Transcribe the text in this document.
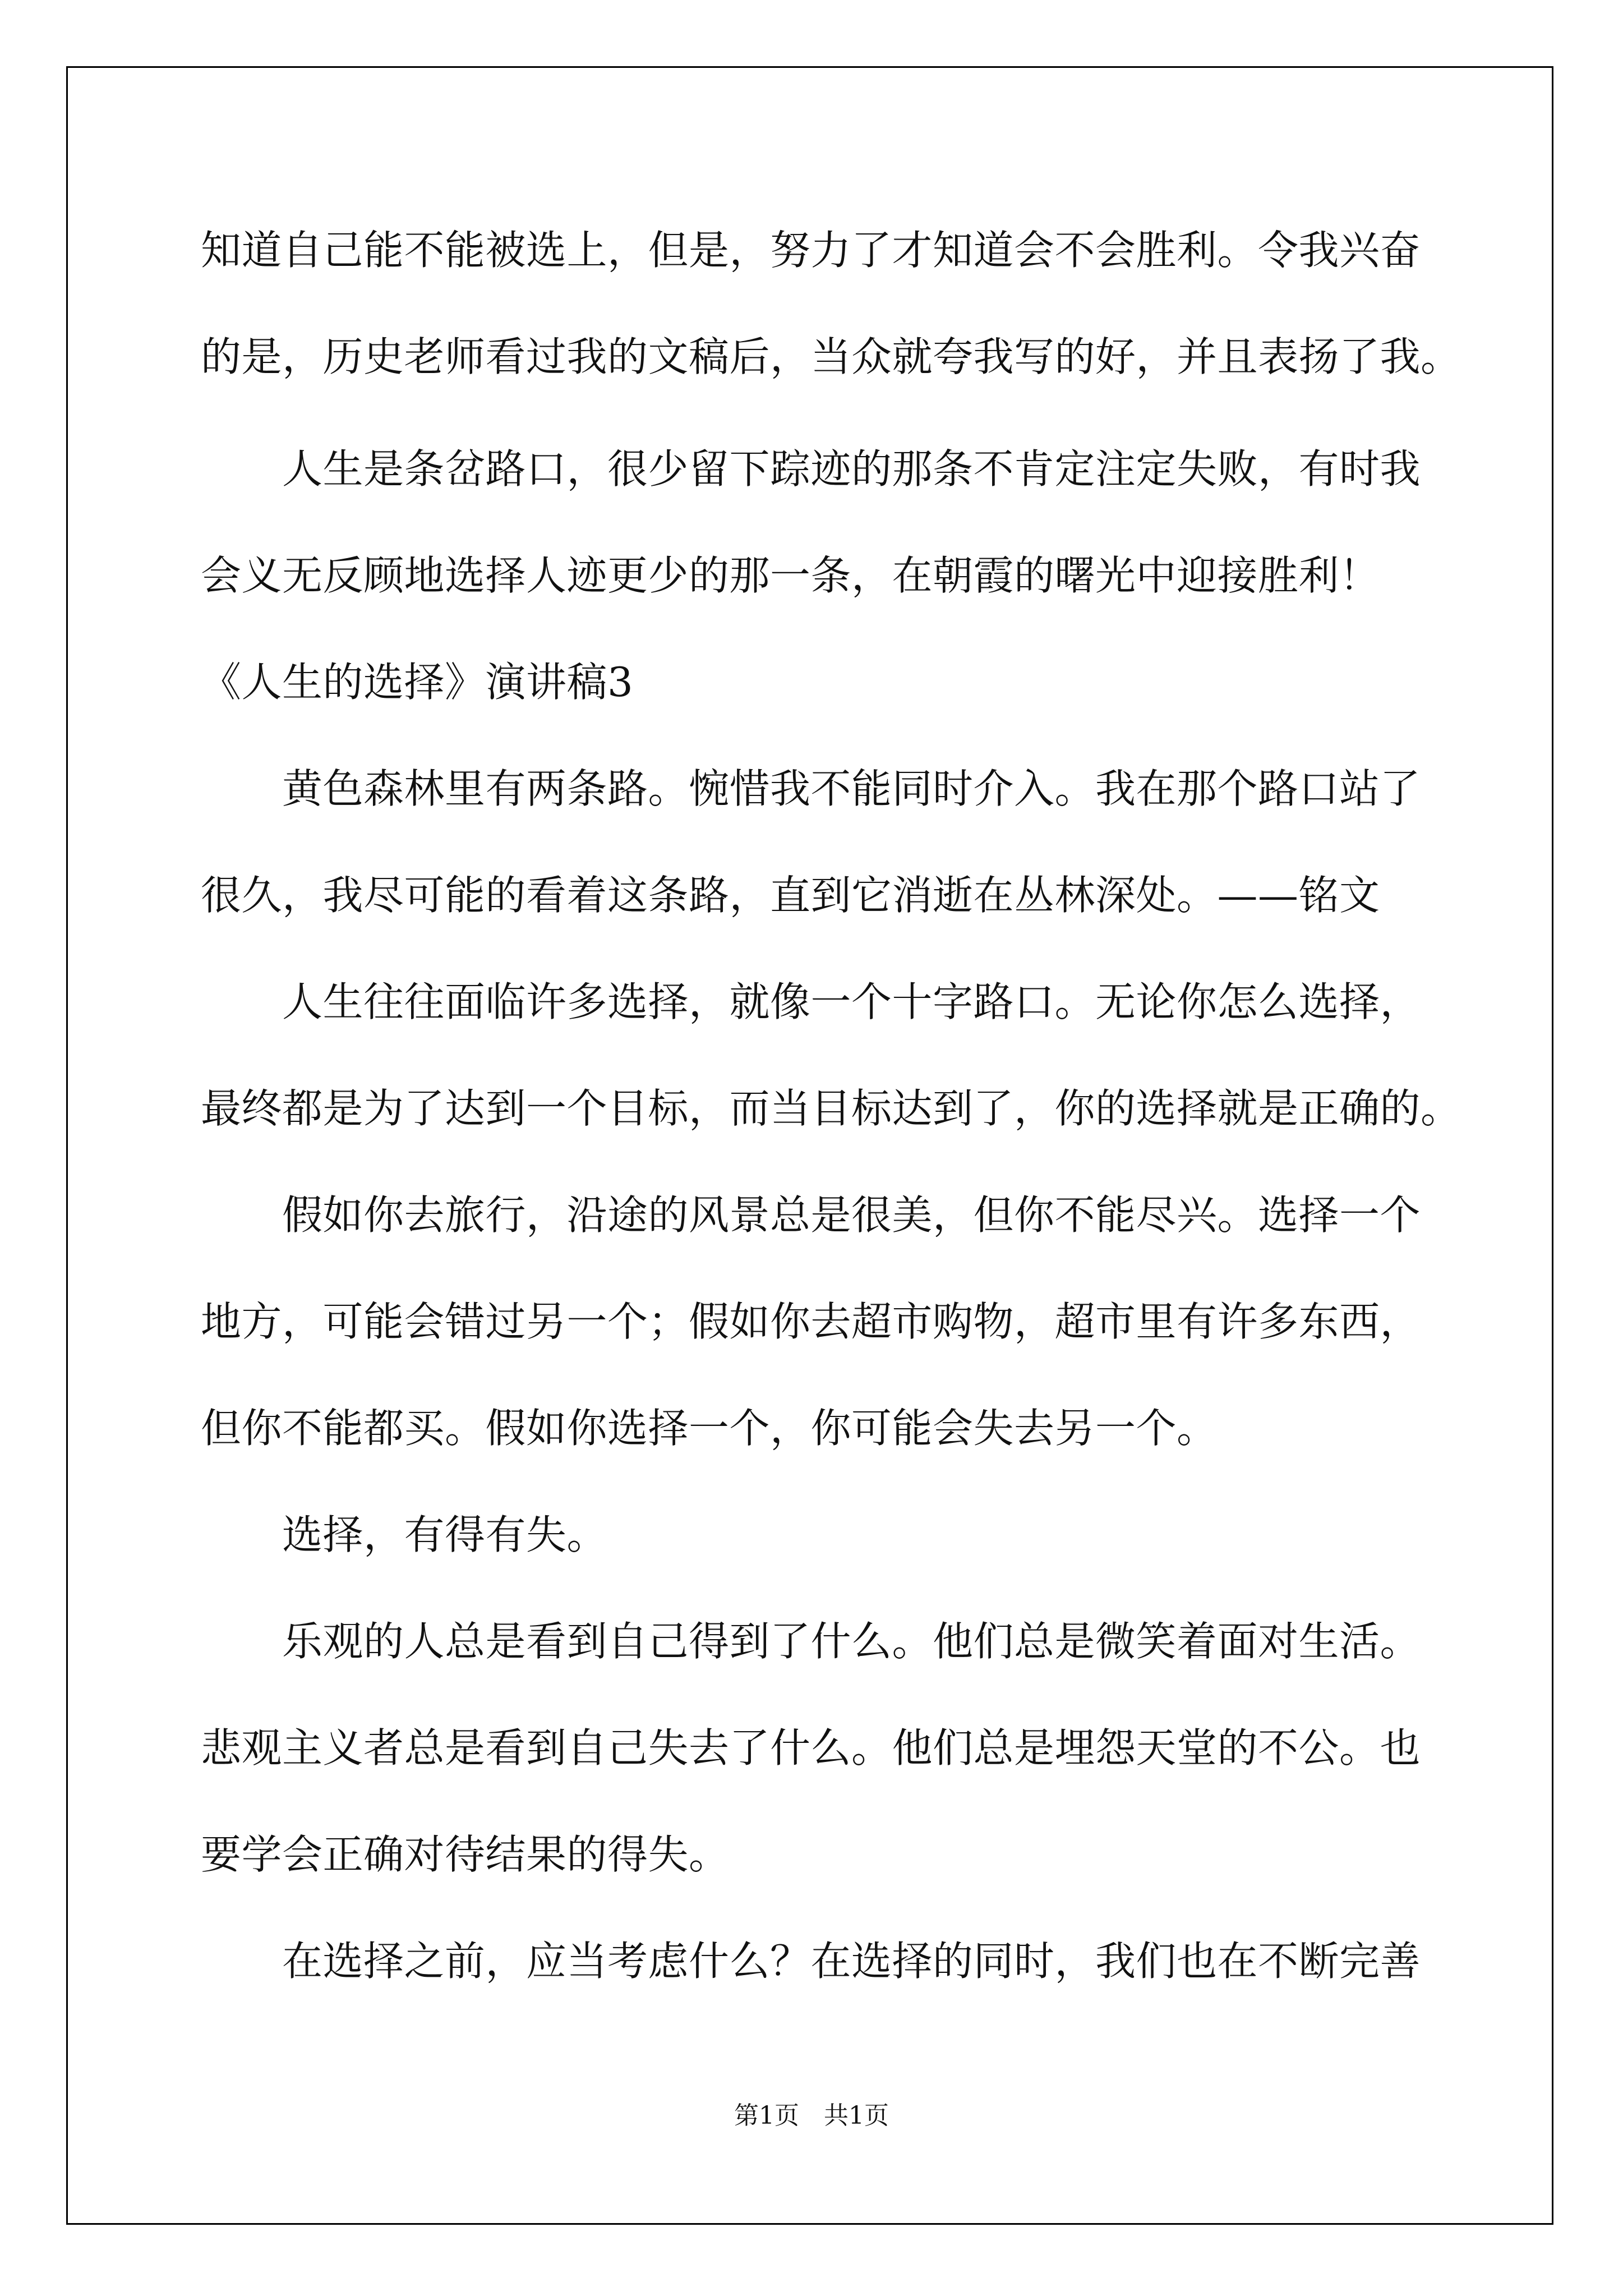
知道自己能不能被选上，但是，努力了才知道会不会胜利。令我兴奋
的是，历史老师看过我的文稿后，当众就夸我写的好，并且表扬了我。
人生是条岔路口，很少留下踪迹的那条不肯定注定失败，有时我
会义无反顾地选择人迹更少的那一条，在朝霞的曙光中迎接胜利！
《人生的选择》演讲稿3
黄色森林里有两条路。惋惜我不能同时介入。我在那个路口站了
很久，我尽可能的看着这条路，直到它消逝在丛林深处。——铭文
人生往往面临许多选择，就像一个十字路口。无论你怎么选择，
最终都是为了达到一个目标，而当目标达到了，你的选择就是正确的。
假如你去旅行，沿途的风景总是很美，但你不能尽兴。选择一个
地方，可能会错过另一个；假如你去超市购物，超市里有许多东西，
但你不能都买。假如你选择一个，你可能会失去另一个。
选择，有得有失。
乐观的人总是看到自己得到了什么。他们总是微笑着面对生活。
悲观主义者总是看到自己失去了什么。他们总是埋怨天堂的不公。也
要学会正确对待结果的得失。
在选择之前，应当考虑什么？在选择的同时，我们也在不断完善
第1页　共1页
